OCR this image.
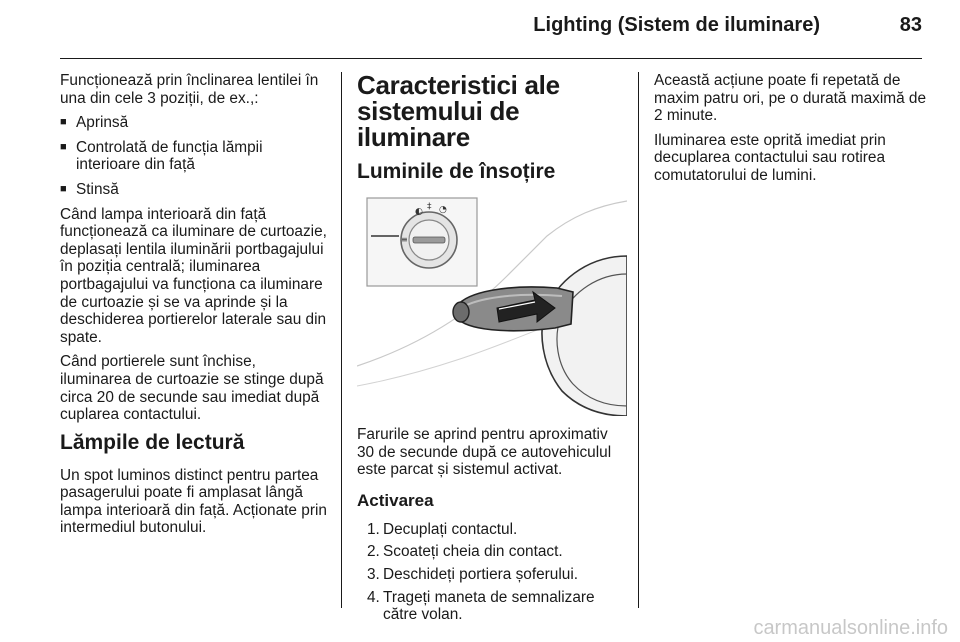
Lighting (Sistem de iluminare)	83

Funcționează prin înclinarea lentilei în una din cele 3 poziții, de ex.,:

■ Aprinsă
■ Controlată de funcția lămpii interioare din față
■ Stinsă

Când lampa interioară din față funcționează ca iluminare de curtoazie, deplasați lentila iluminării portbagajului în poziția centrală; iluminarea portbagajului va funcționa ca iluminare de curtoazie și se va aprinde și la deschiderea portierelor laterale sau din spate.

Când portierele sunt închise, iluminarea de curtoazie se stinge după circa 20 de secunde sau imediat după cuplarea contactului.

Lămpile de lectură

Un spot luminos distinct pentru partea pasagerului poate fi amplasat lângă lampa interioară din față. Acționate prin intermediul butonului.

Caracteristici ale
sistemului de iluminare
Luminile de însoțire
◐ ‡ ◔
≡

Farurile se aprind pentru aproximativ 30 de secunde după ce autovehiculul este parcat și sistemul activat.

Activarea
1. Decuplați contactul.
2. Scoateți cheia din contact.
3. Deschideți portiera șoferului.
4. Trageți maneta de semnalizare către volan.

Această acțiune poate fi repetată de maxim patru ori, pe o durată maximă de 2 minute.

Iluminarea este oprită imediat prin decuplarea contactului sau rotirea comutatorului de lumini.

carmanualsonline.info
